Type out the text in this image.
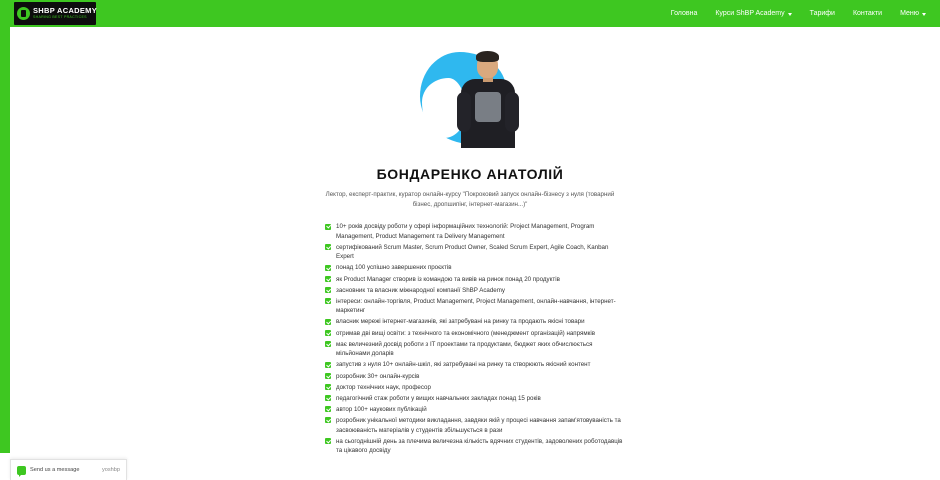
SHBP ACADEMY
SHARING BEST PRACTICES
Головна	Курси ShBP Academy	Тарифи	Контакти	Меню
БОНДАРЕНКО АНАТОЛІЙ
Лектор, експерт-практик, куратор онлайн-курсу "Покроковий запуск онлайн-бізнесу з нуля (товарний бізнес, дропшипінг, інтернет-магазин...)"
10+ років досвіду роботи у сфері інформаційних технологій: Project Management, Program Management, Product Management та Delivery Management
сертифікований Scrum Master, Scrum Product Owner, Scaled Scrum Expert, Agile Coach, Kanban Expert
понад 100 успішно завершених проєктів
як Product Manager створив із командою та вивів на ринок понад 20 продуктів
засновник та власник міжнародної компанії ShBP Academy
інтереси: онлайн-торгівля, Product Management, Project Management, онлайн-навчання, інтернет-маркетинг
власник мережі інтернет-магазинів, які затребувані на ринку та продають якісні товари
отримав дві вищі освіти: з технічного та економічного (менеджмент організацій) напрямків
має величезний досвід роботи з ІТ проектами та продуктами, бюджет яких обчислюється мільйонами доларів
запустив з нуля 10+ онлайн-шкіл, які затребувані на ринку та створюють якісний контент
розробник 30+ онлайн-курсів
доктор технічних наук, професор
педагогічний стаж роботи у вищих навчальних закладах понад 15 років
автор 100+ наукових публікацій
розробник унікальної методики викладання, завдяки якій у процесі навчання запам'ятовуваність та засвоюваність матеріалів у студентів збільшується в рази
на сьогоднішній день за плечима величезна кількість вдячних студентів, задоволених роботодавців та цікавого досвіду
Send us a message	yoshbp
